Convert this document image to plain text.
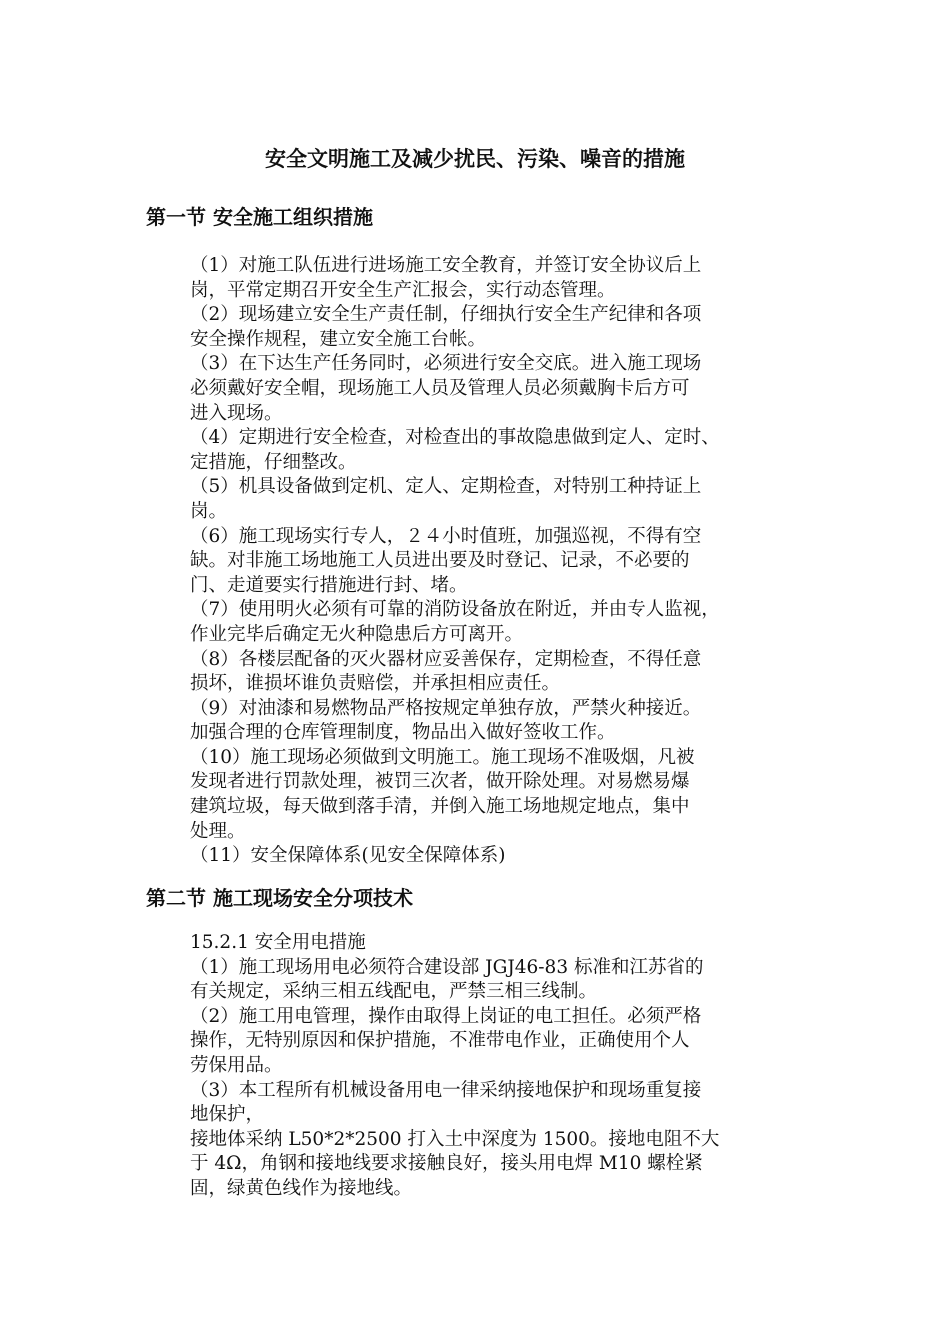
安全文明施工及减少扰民、污染、噪音的措施
第一节 安全施工组织措施
（1）对施工队伍进行进场施工安全教育，并签订安全协议后上
岗，平常定期召开安全生产汇报会，实行动态管理。
（2）现场建立安全生产责任制，仔细执行安全生产纪律和各项
安全操作规程，建立安全施工台帐。
（3）在下达生产任务同时，必须进行安全交底。进入施工现场
必须戴好安全帽，现场施工人员及管理人员必须戴胸卡后方可
进入现场。
（4）定期进行安全检查，对检查出的事故隐患做到定人、定时、
定措施，仔细整改。
（5）机具设备做到定机、定人、定期检查，对特别工种持证上
岗。
（6）施工现场实行专人，２４小时值班，加强巡视，不得有空
缺。对非施工场地施工人员进出要及时登记、记录，不必要的
门、走道要实行措施进行封、堵。
（7）使用明火必须有可靠的消防设备放在附近，并由专人监视，
作业完毕后确定无火种隐患后方可离开。
（8）各楼层配备的灭火器材应妥善保存，定期检查，不得任意
损坏，谁损坏谁负责赔偿，并承担相应责任。
（9）对油漆和易燃物品严格按规定单独存放，严禁火种接近。
加强合理的仓库管理制度，物品出入做好签收工作。
（10）施工现场必须做到文明施工。施工现场不准吸烟，凡被
发现者进行罚款处理，被罚三次者，做开除处理。对易燃易爆
建筑垃圾，每天做到落手清，并倒入施工场地规定地点，集中
处理。
（11）安全保障体系(见安全保障体系)
第二节 施工现场安全分项技术
15.2.1 安全用电措施
（1）施工现场用电必须符合建设部 JGJ46-83 标准和江苏省的
有关规定，采纳三相五线配电，严禁三相三线制。
（2）施工用电管理，操作由取得上岗证的电工担任。必须严格
操作，无特别原因和保护措施，不准带电作业，正确使用个人
劳保用品。
（3）本工程所有机械设备用电一律采纳接地保护和现场重复接
地保护，
接地体采纳 L50*2*2500 打入土中深度为 1500。接地电阻不大
于 4Ω，角钢和接地线要求接触良好，接头用电焊 M10 螺栓紧
固，绿黄色线作为接地线。
